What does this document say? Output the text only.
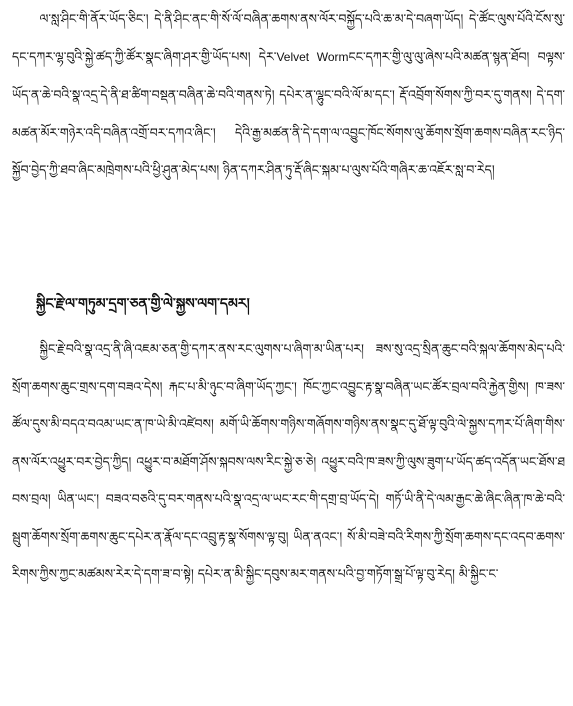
ལ་སླ་ཤིང་གི་ནོར་ཡོད་ཅིང་། དེ་ནི་ཤིང་ནང་གི་སོ་ལོ་བཞིན་ཆགས་ནས་ལོར་བསྐྱོད་པའི་ཆ་མ་དེ་བཞག་ཡོད། དེ་ཚོང་ལུས་པོའི་ངོས་སུ་དང་དཀར་ལྷ་བུའི་སྐྱེ་ཚད་ཀྱི་ཚོར་སྣང་ཞིག་ཤར་གྱི་ཡོད་པས། དེར་Velvet Wormངང་དཀར་གྱི་ལུ་ལུ་ཞེས་པའི་མཚན་སྙན་ཐོབ། བལྟས་ཡོད་ན་ཆེ་བའི་སྣ་འདྲ་དེ་ནི་ཐ་ཚིག་བསྡན་བཞིན་ཆེ་བའི་གནས་ཏེ། དཔེར་ན་ལྷུང་བའི་ལོ་མ་དང་། རྡོ་འབྲོག་སོགས་ཀྱི་བར་དུ་གནས། དེ་དག་མཚན་མོར་གཉེར་འདི་བཞིན་འགྲོ་བར་དཀའ་ཞིང་། དེའི་རྒྱ་མཚན་ནི་དེ་དག་ལ་འབྱུང་ཁོང་སོགས་ལུ་ཆོགས་སྲོག་ཆགས་བཞིན་རང་ཉིད་སྐྱོབ་བྱེད་ཀྱི་ཐབ་ཞིང་མཁྲེགས་པའི་ཕྱི་ཤུན་མེད་པས། ཉིན་དཀར་ཤིན་ཏུ་རྡོ་ཞིང་སྐམ་པ་ལུས་པོའི་གཞིར་ཆ་འཇོར་སླ་བ་རེད།
སྐྱིང་རྗེ་ལ་གཏུམ་དྲག་ཅན་གྱི་ལེ་སྐྱས་ལག་དམར།
སྐྱིང་རྗེ་བའི་སྣ་འདྲ་ནི་ཞི་འཇམ་ཅན་གྱི་དཀར་ནས་རང་ལུགས་པ་ཞིག་མ་ཡིན་པར། ཟས་སུ་འདྲ་སྲིན་ཆུང་བའི་སྐལ་ཆོགས་མེད་པའི་སྲོག་ཆགས་ཆུང་གྲས་དག་བཟའ་དེས། རྐང་པ་མི་ཉུང་བ་ཞིག་ཡོད་ཀྱང་། ཁོང་ཀྱང་འབྱུང་རྟ་སྣ་བཞིན་ཡང་ཚོར་བྲལ་བའི་རྐྱེན་གྱིས། ཁ་ཟས་ཚོལ་དུས་མི་བདའ་བའམ་ཡང་ན་ཁ་ཡེ་མི་འཛེབས། མགོ་ཡི་ཆོགས་གཉིས་གཞོགས་གཉིས་ནས་སྣང་དུ་ཐོ་ལྟ་བུའི་ལེ་སྐྱས་དཀར་པོ་ཞིག་གིས་ནས་ལོར་འཕྱུར་བར་བྱེད་ཀྱིད། འཕྱུར་བ་མཐོག་ཤོས་སྐབས་ལས་རིང་སྐྱེ་ཅ་ཅེ། འཕྱུར་བའི་ཁ་ཟས་ཀྱི་ལུས་ཟུག་པ་ཡོད་ཚད་འདོན་ཡང་ཐོས་ཐབས་བྲལ། ཡིན་ཡང་། བཟའ་བཅའི་དུ་བར་གནས་པའི་སྣ་འདྲ་ལ་ཡང་རང་གི་དགྲ་བྲ་ཡོད་དེ། གཏོ་ཡི་ནི་དེ་ལམ་རྒྱང་ཆེ་ཞིང་ཞིན་ཁ་ཆེ་བའི་སྦུག་ཆོགས་སྲོག་ཆགས་ཆུང་དཔེར་ན་རྣོལ་དང་འབྲུ་རྟ་སྣ་སོགས་ལྟ་བུ། ཡིན་ནའང་། སོ་མི་བཟེ་བའི་རིགས་ཀྱི་སྲོག་ཆགས་དང་འདབ་ཆགས་རིགས་ཀྱིས་ཀྱང་མཚམས་རེར་དེ་དག་ཟ་བ་སྟེ། དཔེར་ན་མི་སྐྱིང་དབུས་མར་གནས་པའི་བྱ་གཏོག་སྒྲ་པོ་ལྟ་བུ་རེད། མི་སྐྱིང་ང་
